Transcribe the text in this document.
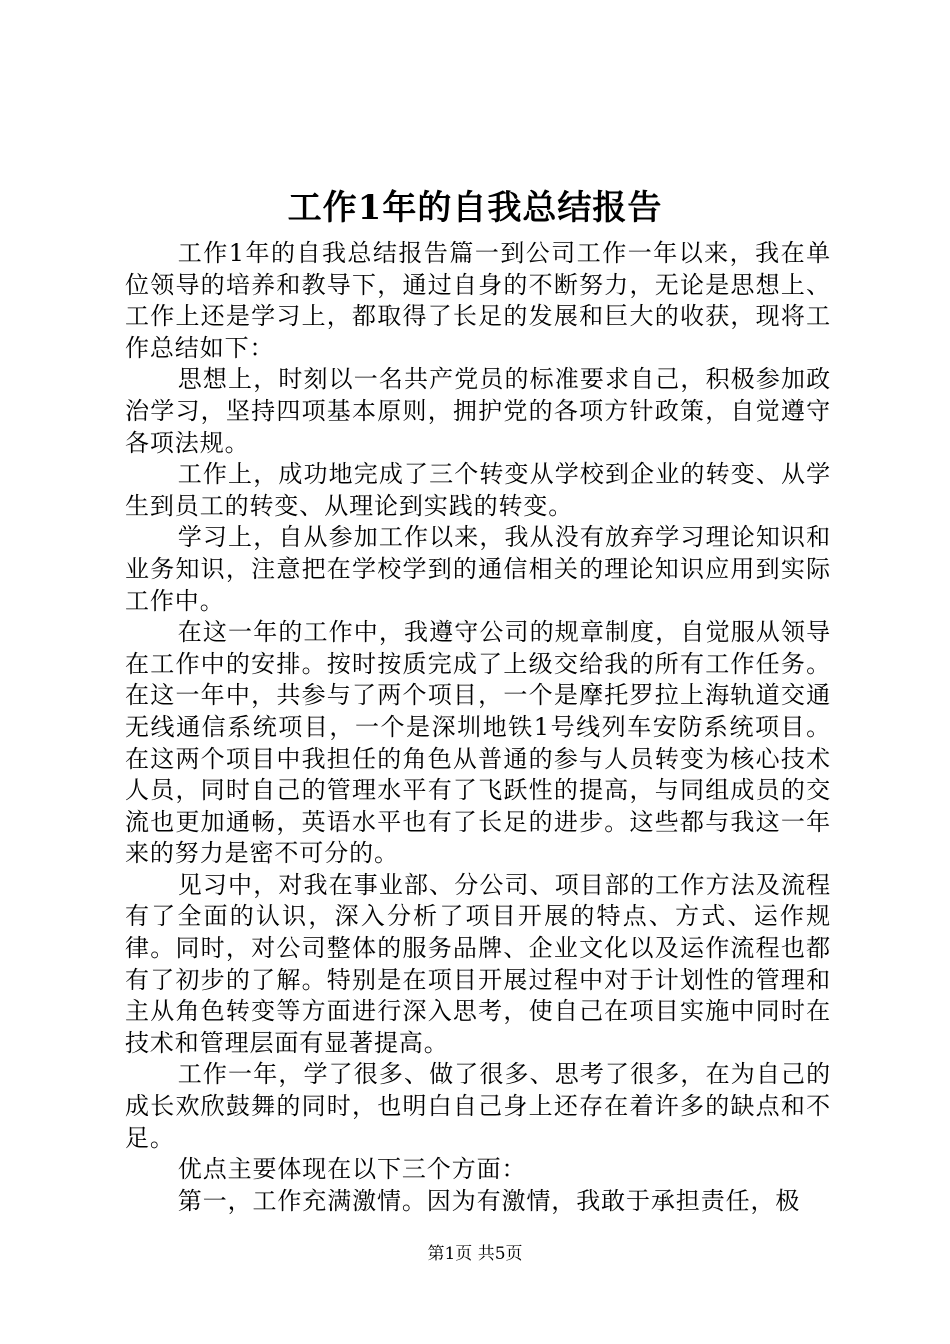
工作1年的自我总结报告

工作1年的自我总结报告篇一到公司工作一年以来，我在单位领导的培养和教导下，通过自身的不断努力，无论是思想上、工作上还是学习上，都取得了长足的发展和巨大的收获，现将工作总结如下：

思想上，时刻以一名共产党员的标准要求自己，积极参加政治学习，坚持四项基本原则，拥护党的各项方针政策，自觉遵守各项法规。

工作上，成功地完成了三个转变从学校到企业的转变、从学生到员工的转变、从理论到实践的转变。

学习上，自从参加工作以来，我从没有放弃学习理论知识和业务知识，注意把在学校学到的通信相关的理论知识应用到实际工作中。

在这一年的工作中，我遵守公司的规章制度，自觉服从领导在工作中的安排。按时按质完成了上级交给我的所有工作任务。在这一年中，共参与了两个项目，一个是摩托罗拉上海轨道交通无线通信系统项目，一个是深圳地铁1号线列车安防系统项目。在这两个项目中我担任的角色从普通的参与人员转变为核心技术人员，同时自己的管理水平有了飞跃性的提高，与同组成员的交流也更加通畅，英语水平也有了长足的进步。这些都与我这一年来的努力是密不可分的。

见习中，对我在事业部、分公司、项目部的工作方法及流程有了全面的认识，深入分析了项目开展的特点、方式、运作规律。同时，对公司整体的服务品牌、企业文化以及运作流程也都有了初步的了解。特别是在项目开展过程中对于计划性的管理和主从角色转变等方面进行深入思考，使自己在项目实施中同时在技术和管理层面有显著提高。

工作一年，学了很多、做了很多、思考了很多，在为自己的成长欢欣鼓舞的同时，也明白自己身上还存在着许多的缺点和不足。

优点主要体现在以下三个方面：

第一，工作充满激情。因为有激情，我敢于承担责任，极

第1页 共5页
